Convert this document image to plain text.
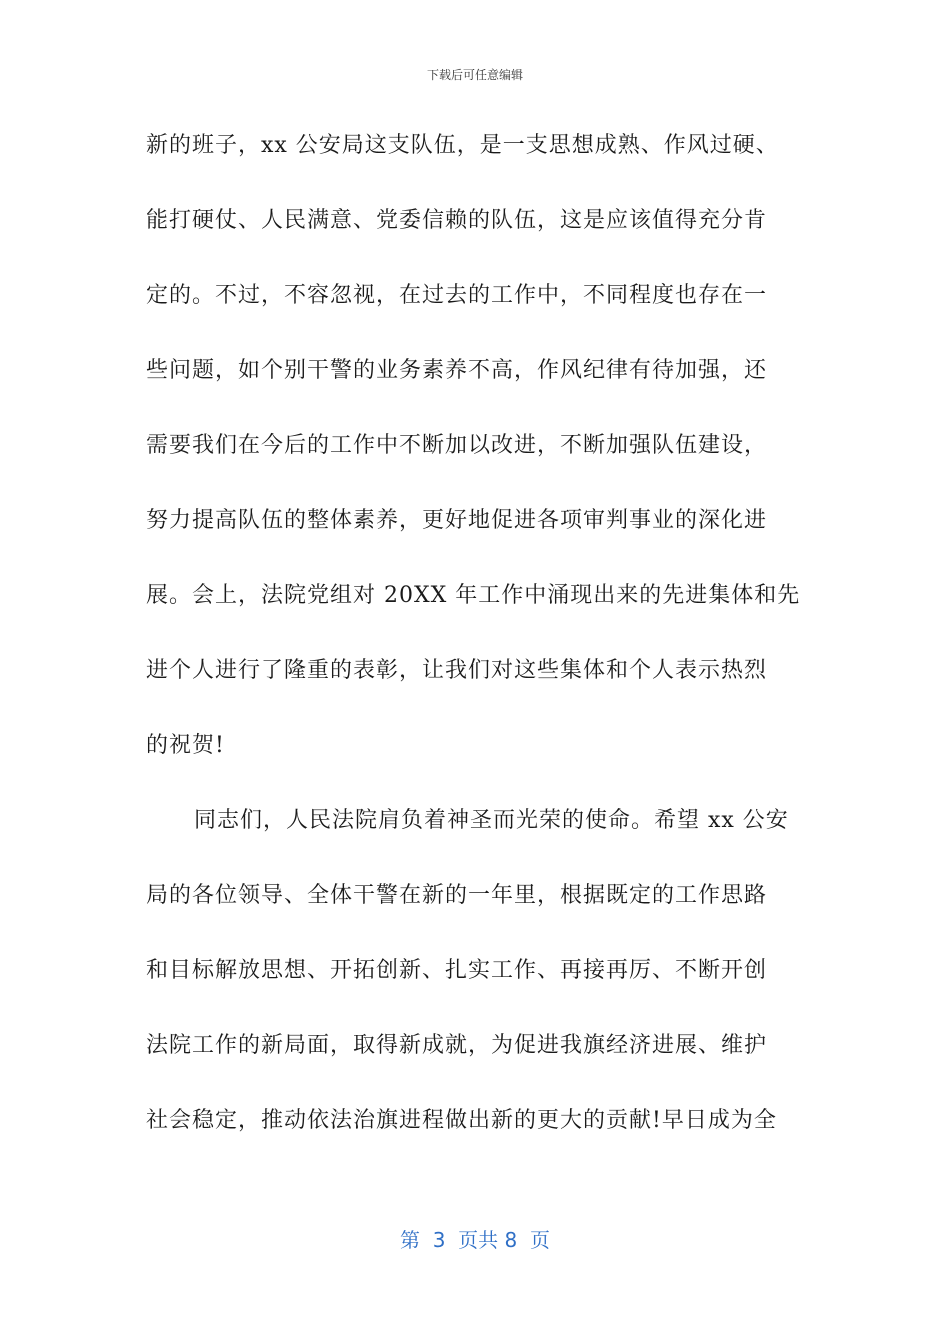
下载后可任意编辑
新的班子，xx 公安局这支队伍，是一支思想成熟、作风过硬、
能打硬仗、人民满意、党委信赖的队伍，这是应该值得充分肯
定的。不过，不容忽视，在过去的工作中，不同程度也存在一
些问题，如个别干警的业务素养不高，作风纪律有待加强，还
需要我们在今后的工作中不断加以改进，不断加强队伍建设，
努力提高队伍的整体素养，更好地促进各项审判事业的深化进
展。会上，法院党组对 20XX 年工作中涌现出来的先进集体和先
进个人进行了隆重的表彰，让我们对这些集体和个人表示热烈
的祝贺!
同志们，人民法院肩负着神圣而光荣的使命。希望 xx 公安
局的各位领导、全体干警在新的一年里，根据既定的工作思路
和目标解放思想、开拓创新、扎实工作、再接再厉、不断开创
法院工作的新局面，取得新成就，为促进我旗经济进展、维护
社会稳定，推动依法治旗进程做出新的更大的贡献!早日成为全
第  3  页共 8  页
